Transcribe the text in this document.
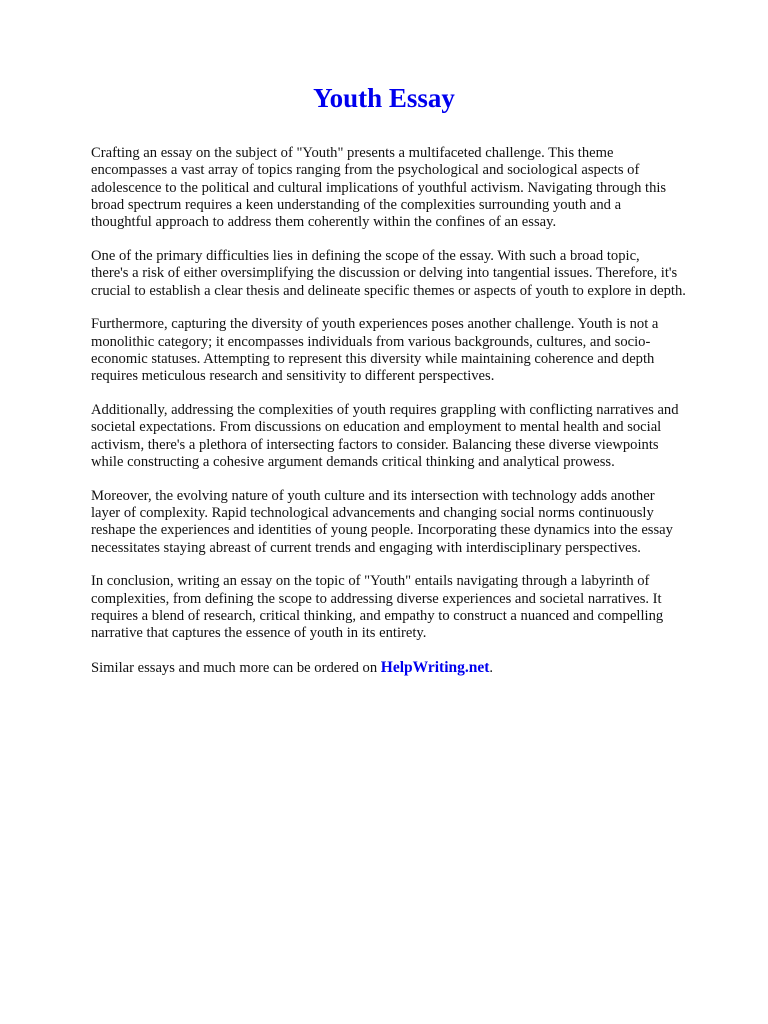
Youth Essay

Crafting an essay on the subject of "Youth" presents a multifaceted challenge. This theme
encompasses a vast array of topics ranging from the psychological and sociological aspects of
adolescence to the political and cultural implications of youthful activism. Navigating through this
broad spectrum requires a keen understanding of the complexities surrounding youth and a
thoughtful approach to address them coherently within the confines of an essay.

One of the primary difficulties lies in defining the scope of the essay. With such a broad topic,
there's a risk of either oversimplifying the discussion or delving into tangential issues. Therefore, it's
crucial to establish a clear thesis and delineate specific themes or aspects of youth to explore in depth.

Furthermore, capturing the diversity of youth experiences poses another challenge. Youth is not a
monolithic category; it encompasses individuals from various backgrounds, cultures, and socio-
economic statuses. Attempting to represent this diversity while maintaining coherence and depth
requires meticulous research and sensitivity to different perspectives.

Additionally, addressing the complexities of youth requires grappling with conflicting narratives and
societal expectations. From discussions on education and employment to mental health and social
activism, there's a plethora of intersecting factors to consider. Balancing these diverse viewpoints
while constructing a cohesive argument demands critical thinking and analytical prowess.

Moreover, the evolving nature of youth culture and its intersection with technology adds another
layer of complexity. Rapid technological advancements and changing social norms continuously
reshape the experiences and identities of young people. Incorporating these dynamics into the essay
necessitates staying abreast of current trends and engaging with interdisciplinary perspectives.

In conclusion, writing an essay on the topic of "Youth" entails navigating through a labyrinth of
complexities, from defining the scope to addressing diverse experiences and societal narratives. It
requires a blend of research, critical thinking, and empathy to construct a nuanced and compelling
narrative that captures the essence of youth in its entirety.

Similar essays and much more can be ordered on HelpWriting.net.
